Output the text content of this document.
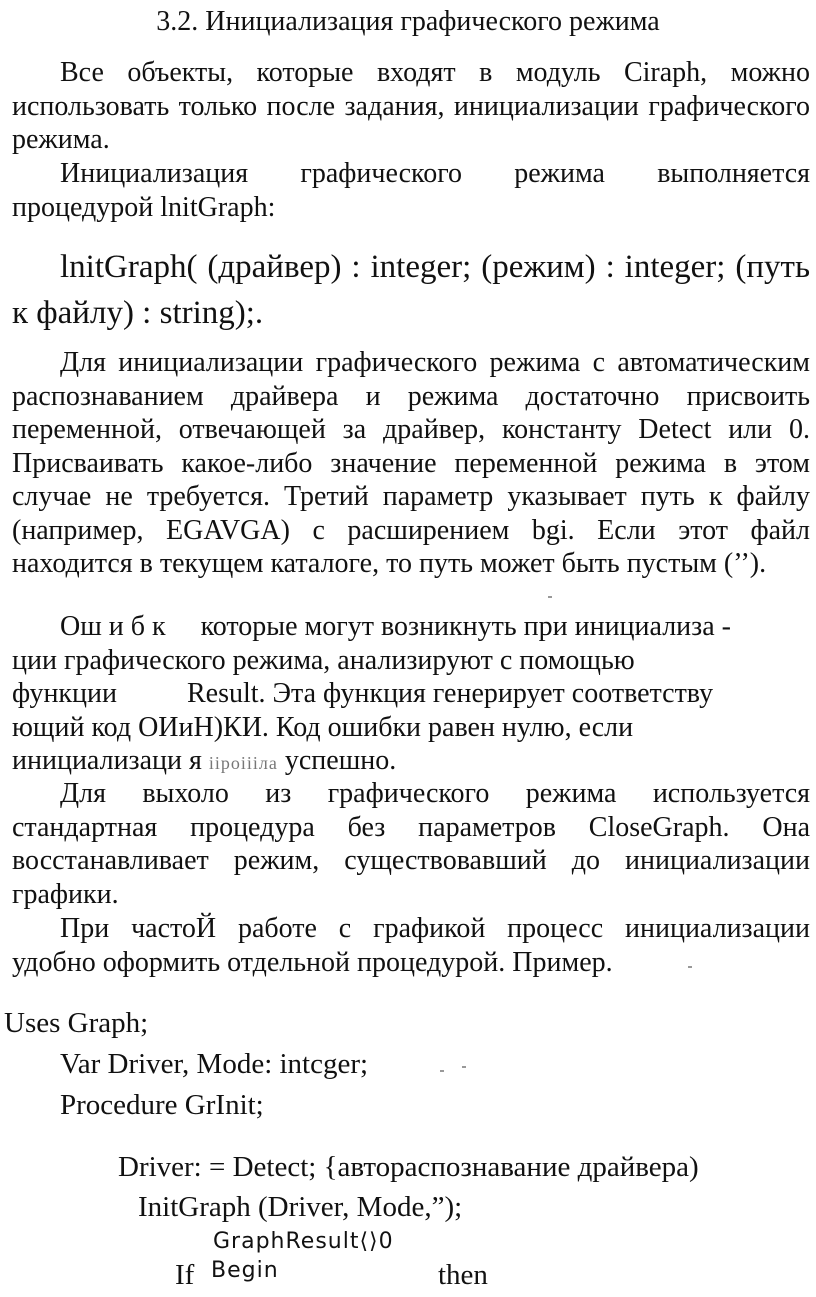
3.2. Инициализация графического режима
Все объекты, которые входят в модуль Ciraph, можно использовать только после задания, инициализации графического режима.
Инициализация графического режима выполняется процедурой lnitGraph:
lnitGraph( (драйвер) : integer; (режим) : integer; (путь к файлу) : string);.
Для инициализации графического режима с автоматическим распознаванием драйвера и режима достаточно присвоить переменной, отвечающей за драйвер, константу Detect или 0. Присваивать какое-либо значение переменной режима в этом случае не требуется. Третий параметр указывает путь к файлу (например, EGAVGA) с расширением bgi. Если этот файл находится в текущем каталоге, то путь может быть пустым (’’).
Ош и б к     которые могут возникнуть при инициализа -
ции графического режима, анализируют с помощью
функции          Result. Эта функция генерирует соответству
ющий код ОИиН)КИ. Код ошибки равен нулю, если
инициализаци я iipoiiiла успешно.
Для выхоло из графического режима используется стандартная процедура без параметров CloseGraph. Она восстанавливает режим, существовавший до инициализации графики.
При частоЙ работе с графикой процесс инициализации удобно оформить отдельной процедурой. Пример.
Uses Graph;
Var Driver, Mode: intcger;
Procedure GrInit;
Driver: = Detect; {автораспознавание драйвера)
InitGraph (Driver, Mode,”);
GraphResult⟨⟩0
If Begin	then
